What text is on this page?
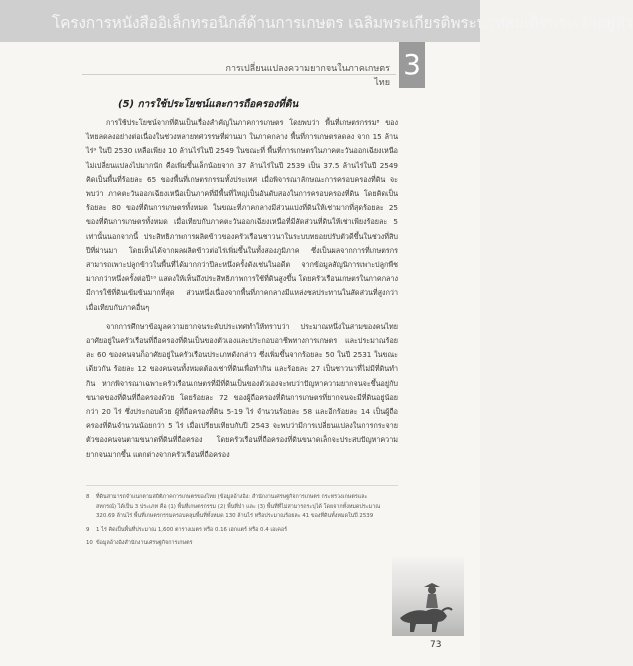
โครงการหนังสืออิเล็กทรอนิกส์ด้านการเกษตร เฉลิมพระเกียรติพระบาทสมเด็จพระเจ้าอยู่หัว
3
การเปลี่ยนแปลงความยากจนในภาคเกษตรไทย
(5) การใช้ประโยชน์และการถือครองที่ดิน

การใช้ประโยชน์จากที่ดินเป็นเรื่องสำคัญในภาคการเกษตร โดยพบว่า พื้นที่เกษตรกรรม⁸ ของไทยลดลงอย่างต่อเนื่องในช่วงหลายทศวรรษที่ผ่านมา ในภาคกลาง พื้นที่การเกษตรลดลง จาก 15 ล้านไร่⁹ ในปี 2530 เหลือเพียง 10 ล้านไร่ในปี 2549 ในขณะที่ พื้นที่การเกษตรในภาคตะวันออกเฉียงเหนือไม่เปลี่ยนแปลงไปมากนัก คือเพิ่มขึ้นเล็กน้อยจาก 37 ล้านไร่ในปี 2539 เป็น 37.5 ล้านไร่ในปี 2549 คิดเป็นพื้นที่ร้อยละ 65 ของพื้นที่เกษตรกรรมทั้งประเทศ เมื่อพิจารณาลักษณะการครอบครองที่ดิน จะพบว่า ภาคตะวันออกเฉียงเหนือเป็นภาคที่มีพื้นที่ใหญ่เป็นอันดับสองในการครอบครองที่ดิน โดยคิดเป็นร้อยละ 80 ของที่ดินการเกษตรทั้งหมด ในขณะที่ภาคกลางมีส่วนแบ่งที่ดินให้เช่ามากที่สุดร้อยละ 25 ของที่ดินการเกษตรทั้งหมด เมื่อเทียบกับภาคตะวันออกเฉียงเหนือที่มีสัดส่วนที่ดินให้เช่าเพียงร้อยละ 5 เท่านั้นนอกจากนี้ ประสิทธิภาพการผลิตข้าวของครัวเรือนชาวนาในระบบทยอยปรับตัวดีขึ้นในช่วงที่สิบปีที่ผ่านมา โดยเห็นได้จากผลผลิตข้าวต่อไร่เพิ่มขึ้นในทั้งสองภูมิภาค ซึ่งเป็นผลจากการที่เกษตรกรสามารถเพาะปลูกข้าวในพื้นที่ได้มากกว่าปีละหนึ่งครั้งดังเช่นในอดีต จากข้อมูลสัญนิการเพาะปลูกพืชมากกว่าหนึ่งครั้งต่อปี¹⁰ แสดงให้เห็นถึงประสิทธิภาพการใช้ที่ดินสูงขึ้น โดยครัวเรือนเกษตรในภาคกลางมีการใช้ที่ดินเข้มข้นมากที่สุด ส่วนหนึ่งเนื่องจากพื้นที่ภาคกลางมีแหล่งชลประทานในสัดส่วนที่สูงกว่าเมื่อเทียบกับภาคอื่นๆ

จากการศึกษาข้อมูลความยากจนระดับประเทศทำให้ทราบว่า ประมาณหนึ่งในสามของคนไทยอาศัยอยู่ในครัวเรือนที่ถือครองที่ดินเป็นของตัวเองและประกอบอาชีพทางการเกษตร และประมาณร้อยละ 60 ของคนจนก็อาศัยอยู่ในครัวเรือนประเภทดังกล่าว ซึ่งเพิ่มขึ้นจากร้อยละ 50 ในปี 2531 ในขณะเดียวกัน ร้อยละ 12 ของคนจนทั้งหมดต้องเช่าที่ดินเพื่อทำกิน และร้อยละ 27 เป็นชาวนาที่ไม่มีที่ดินทำกิน หากพิจารณาเฉพาะครัวเรือนเกษตรที่มีที่ดินเป็นของตัวเองจะพบว่าปัญหาความยากจนจะขึ้นอยู่กับขนาดของที่ดินที่ถือครองด้วย โดยร้อยละ 72 ของผู้ถือครองที่ดินการเกษตรที่ยากจนจะมีที่ดินอยู่น้อยกว่า 20 ไร่ ซึ่งประกอบด้วย ผู้ที่ถือครองที่ดิน 5-19 ไร่ จำนวนร้อยละ 58 และอีกร้อยละ 14 เป็นผู้ถือครองที่ดินจำนวนน้อยกว่า 5 ไร่ เมื่อเปรียบเทียบกับปี 2543 จะพบว่ามีการเปลี่ยนแปลงในการกระจายตัวของคนจนตามขนาดที่ดินที่ถือครอง โดยครัวเรือนที่ถือครองที่ดินขนาดเล็กจะประสบปัญหาความยากจนมากขึ้น แตกต่างจากครัวเรือนที่ถือครอง

8 ที่ดินสามารถจำแนกตามสถิติภาคการเกษตรของไทย (ข้อมูลอ้างอิง: สำนักงานเศรษฐกิจการเกษตร กระทรวงเกษตรและสหกรณ์) ได้เป็น 3 ประเภท คือ (1) พื้นที่เกษตรกรรม (2) พื้นที่ป่า และ (3) พื้นที่ที่ไม่สามารถระบุได้ โดยจากทั้งหมดประมาณ 320.69 ล้านไร่ พื้นที่เกษตรกรรมครอบคลุมพื้นที่ทั้งหมด 130 ล้านไร่ หรือประมาณร้อยละ 41 ของที่ดินทั้งหมดในปี 2539
9 1 ไร่ คิดเป็นพื้นที่ประมาณ 1,600 ตารางเมตร หรือ 0.16 เฮกแตร์ หรือ 0.4 เอเคอร์
10 ข้อมูลอ้างอิงสำนักงานเศรษฐกิจการเกษตร
73
